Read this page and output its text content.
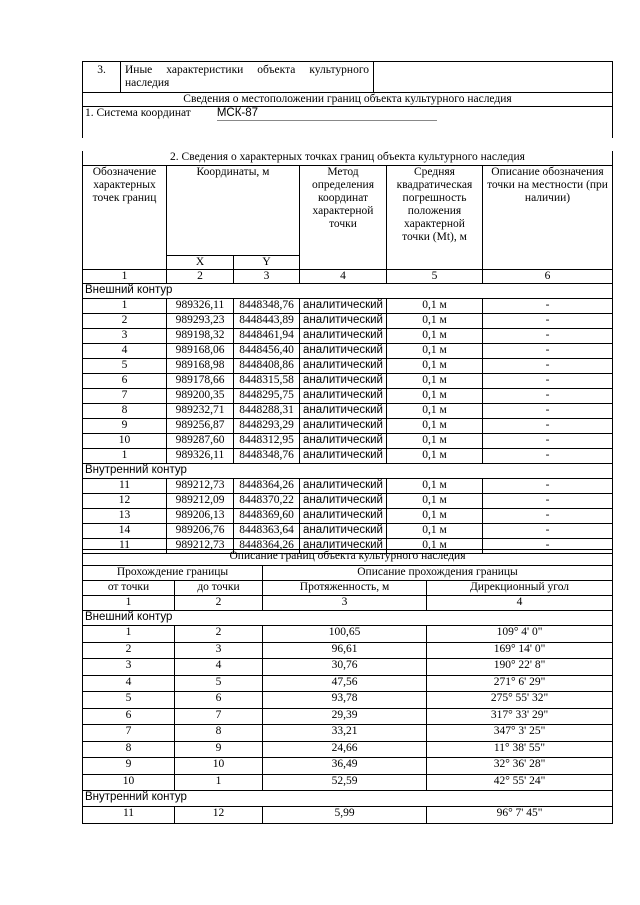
3.	Иные характеристики объекта культурного наследия	
Сведения о местоположении границ объекта культурного наследия
1. Система координат МСК-87

2. Сведения о характерных точках границ объекта культурного наследия					
Обозначение характерных точек границ	Координаты, м		Метод определения координат характерной точки	Средняя квадратическая погрешность положения характерной точки (Mt), м	Описание обозначения точки на местности (при наличии)
	X	Y			
1	2	3	4	5	6
Внешний контур					
1	989326,11	8448348,76	аналитический	0,1 м	-
2	989293,23	8448443,89	аналитический	0,1 м	-
3	989198,32	8448461,94	аналитический	0,1 м	-
4	989168,06	8448456,40	аналитический	0,1 м	-
5	989168,98	8448408,86	аналитический	0,1 м	-
6	989178,66	8448315,58	аналитический	0,1 м	-
7	989200,35	8448295,75	аналитический	0,1 м	-
8	989232,71	8448288,31	аналитический	0,1 м	-
9	989256,87	8448293,29	аналитический	0,1 м	-
10	989287,60	8448312,95	аналитический	0,1 м	-
1	989326,11	8448348,76	аналитический	0,1 м	-
Внутренний контур					
11	989212,73	8448364,26	аналитический	0,1 м	-
12	989212,09	8448370,22	аналитический	0,1 м	-
13	989206,13	8448369,60	аналитический	0,1 м	-
14	989206,76	8448363,64	аналитический	0,1 м	-
11	989212,73	8448364,26	аналитический	0,1 м	-
Описание границ объекта культурного наследия			
Прохождение границы		Описание прохождения границы	
от точки	до точки	Протяженность, м	Дирекционный угол
1	2	3	4
Внешний контур			
1	2	100,65	109° 4' 0"
2	3	96,61	169° 14' 0"
3	4	30,76	190° 22' 8"
4	5	47,56	271° 6' 29"
5	6	93,78	275° 55' 32"
6	7	29,39	317° 33' 29"
7	8	33,21	347° 3' 25"
8	9	24,66	11° 38' 55"
9	10	36,49	32° 36' 28"
10	1	52,59	42° 55' 24"
Внутренний контур			
11	12	5,99	96° 7' 45"
